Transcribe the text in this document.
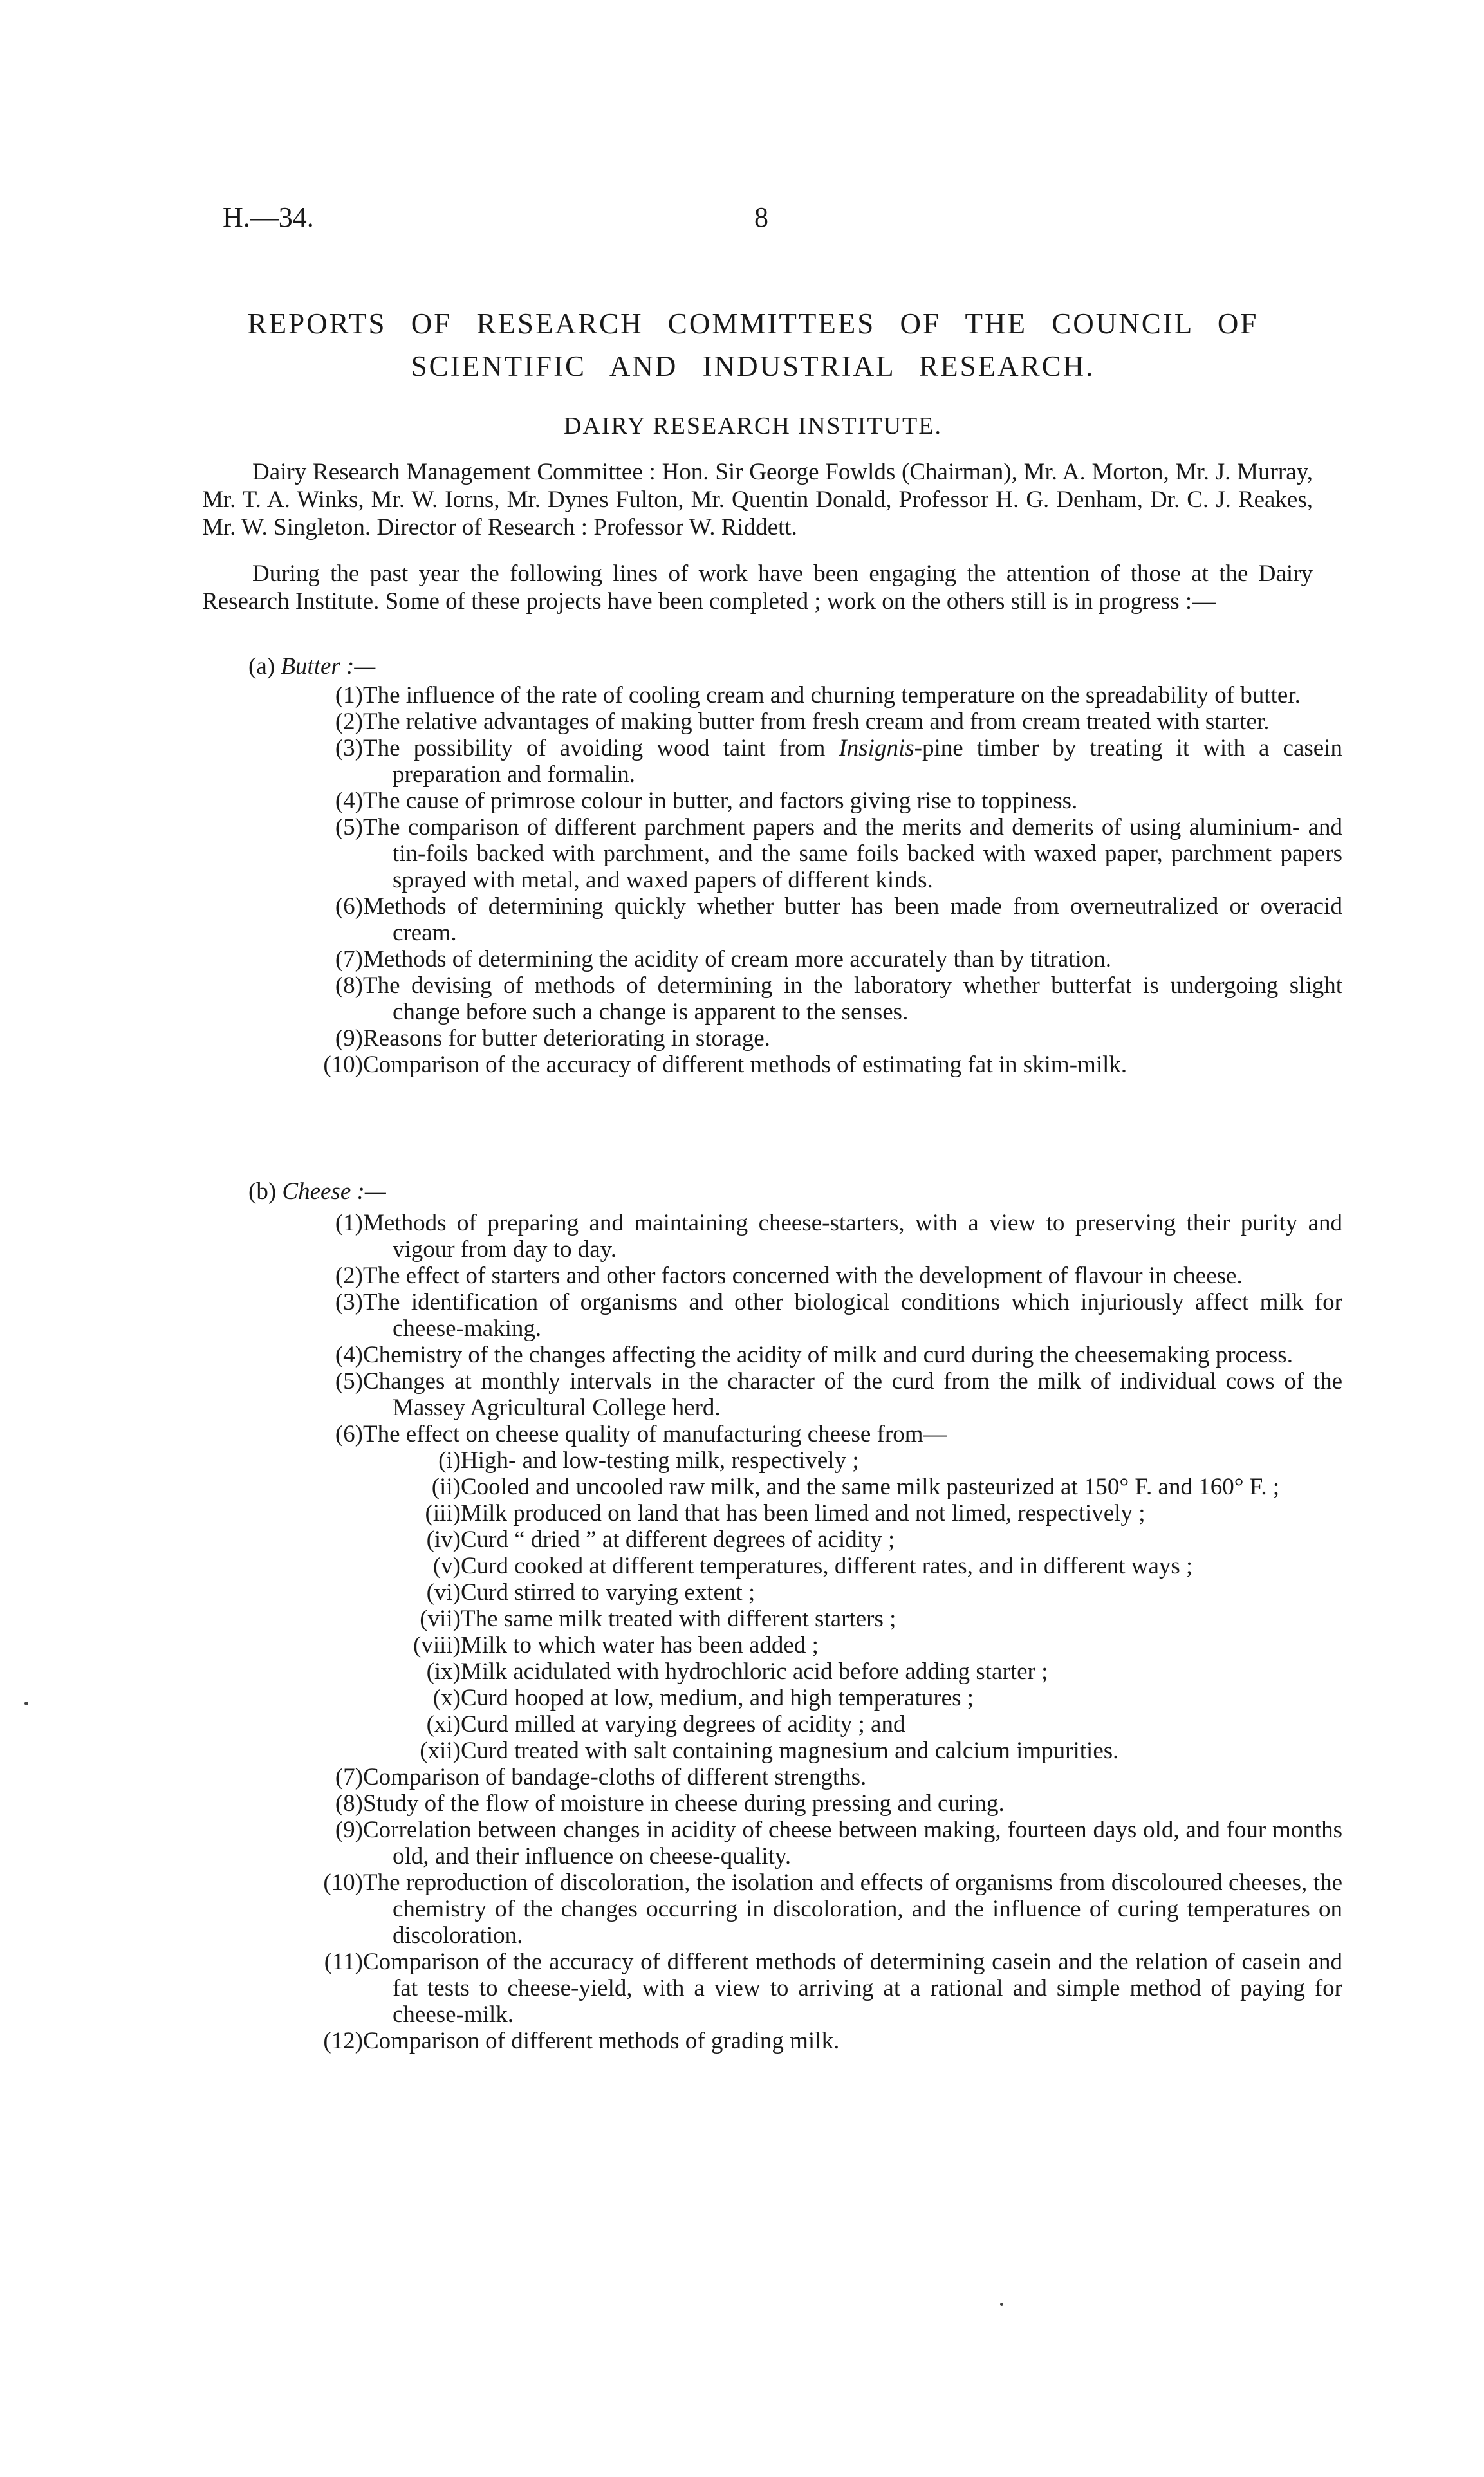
H.—34.	8
REPORTS OF RESEARCH COMMITTEES OF THE COUNCIL OF
SCIENTIFIC AND INDUSTRIAL RESEARCH.
DAIRY RESEARCH INSTITUTE.
Dairy Research Management Committee : Hon. Sir George Fowlds (Chairman), Mr. A. Morton, Mr. J. Murray, Mr. T. A. Winks, Mr. W. Iorns, Mr. Dynes Fulton, Mr. Quentin Donald, Professor H. G. Denham, Dr. C. J. Reakes, Mr. W. Singleton. Director of Research : Professor W. Riddett.
During the past year the following lines of work have been engaging the attention of those at the Dairy Research Institute. Some of these projects have been completed ; work on the others still is in progress :—
(a) Butter :—
(1) The influence of the rate of cooling cream and churning temperature on the spreadability of butter.
(2) The relative advantages of making butter from fresh cream and from cream treated with starter.
(3) The possibility of avoiding wood taint from Insignis-pine timber by treating it with a casein preparation and formalin.
(4) The cause of primrose colour in butter, and factors giving rise to toppiness.
(5) The comparison of different parchment papers and the merits and demerits of using aluminium- and tin-foils backed with parchment, and the same foils backed with waxed paper, parchment papers sprayed with metal, and waxed papers of different kinds.
(6) Methods of determining quickly whether butter has been made from overneutralized or overacid cream.
(7) Methods of determining the acidity of cream more accurately than by titration.
(8) The devising of methods of determining in the laboratory whether butterfat is undergoing slight change before such a change is apparent to the senses.
(9) Reasons for butter deteriorating in storage.
(10) Comparison of the accuracy of different methods of estimating fat in skim-milk.
(b) Cheese :—
(1) Methods of preparing and maintaining cheese-starters, with a view to preserving their purity and vigour from day to day.
(2) The effect of starters and other factors concerned with the development of flavour in cheese.
(3) The identification of organisms and other biological conditions which injuriously affect milk for cheese-making.
(4) Chemistry of the changes affecting the acidity of milk and curd during the cheesemaking process.
(5) Changes at monthly intervals in the character of the curd from the milk of individual cows of the Massey Agricultural College herd.
(6) The effect on cheese quality of manufacturing cheese from—
(i) High- and low-testing milk, respectively ;
(ii) Cooled and uncooled raw milk, and the same milk pasteurized at 150° F. and 160° F. ;
(iii) Milk produced on land that has been limed and not limed, respectively ;
(iv) Curd “ dried ” at different degrees of acidity ;
(v) Curd cooked at different temperatures, different rates, and in different ways ;
(vi) Curd stirred to varying extent ;
(vii) The same milk treated with different starters ;
(viii) Milk to which water has been added ;
(ix) Milk acidulated with hydrochloric acid before adding starter ;
(x) Curd hooped at low, medium, and high temperatures ;
(xi) Curd milled at varying degrees of acidity ; and
(xii) Curd treated with salt containing magnesium and calcium impurities.
(7) Comparison of bandage-cloths of different strengths.
(8) Study of the flow of moisture in cheese during pressing and curing.
(9) Correlation between changes in acidity of cheese between making, fourteen days old, and four months old, and their influence on cheese-quality.
(10) The reproduction of discoloration, the isolation and effects of organisms from discoloured cheeses, the chemistry of the changes occurring in discoloration, and the influence of curing temperatures on discoloration.
(11) Comparison of the accuracy of different methods of determining casein and the relation of casein and fat tests to cheese-yield, with a view to arriving at a rational and simple method of paying for cheese-milk.
(12) Comparison of different methods of grading milk.
